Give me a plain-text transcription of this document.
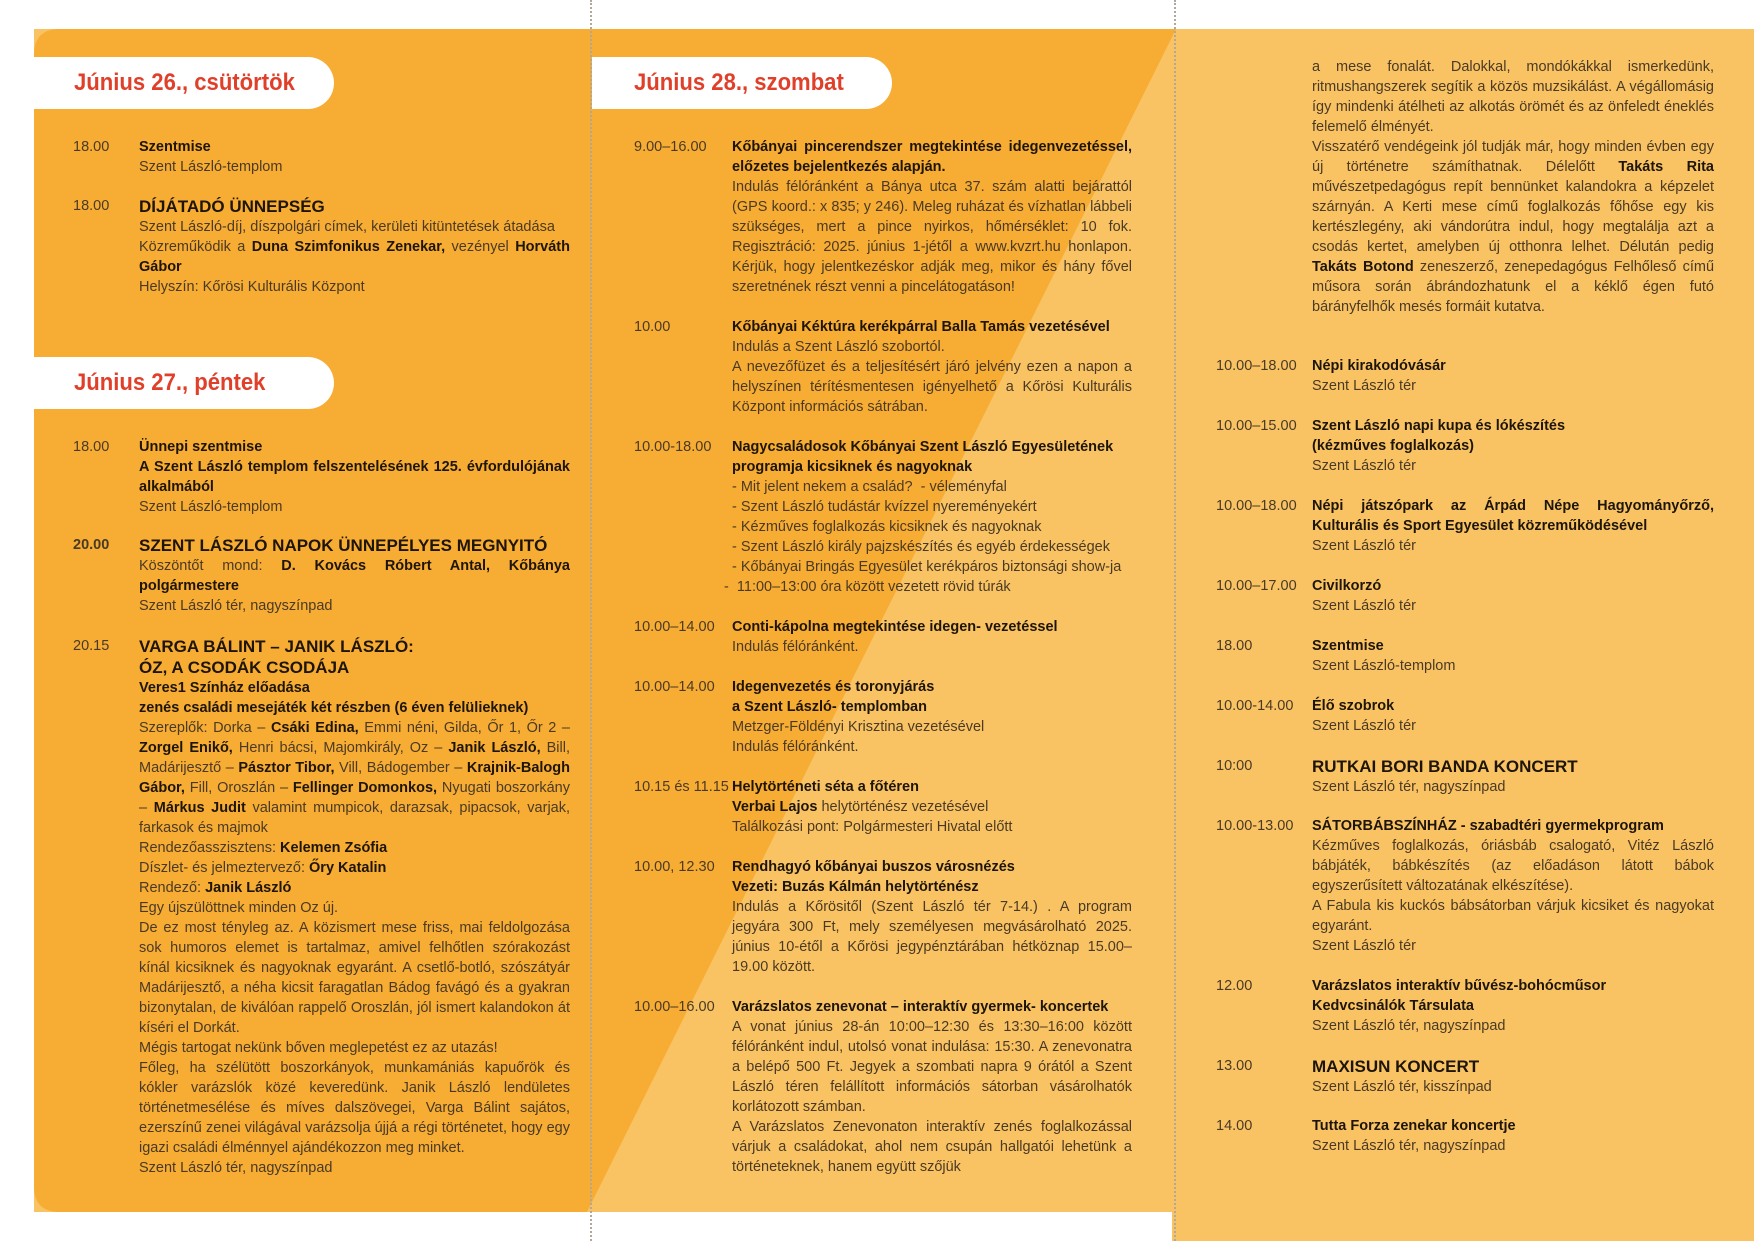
Június 26., csütörtök
18.00	Szentmise
Szent László-templom
18.00	DÍJÁTADÓ ÜNNEPSÉG
Szent László-díj, díszpolgári címek, kerületi kitüntetések átadása
Közreműködik a Duna Szimfonikus Zenekar, vezényel Horváth Gábor
Helyszín: Kőrösi Kulturális Központ
Június 27., péntek
18.00	Ünnepi szentmise
A Szent László templom felszentelésének 125. évfordulójának alkalmából
Szent László-templom
20.00	SZENT LÁSZLÓ NAPOK ÜNNEPÉLYES MEGNYITÓ
Köszöntőt mond: D. Kovács Róbert Antal, Kőbánya polgármestere
Szent László tér, nagyszínpad
20.15	VARGA BÁLINT – JANIK LÁSZLÓ:
ÓZ, A CSODÁK CSODÁJA
Veres1 Színház előadása
zenés családi mesejáték két részben (6 éven felülieknek)
Szereplők: Dorka – Csáki Edina, Emmi néni, Gilda, Őr 1, Őr 2 – Zorgel Enikő, Henri bácsi, Majomkirály, Oz – Janik László, Bill, Madárijesztő – Pásztor Tibor, Vill, Bádogember – Krajnik-Balogh Gábor, Fill, Oroszlán – Fellinger Domonkos, Nyugati boszorkány – Márkus Judit valamint mumpicok, darazsak, pipacsok, varjak, farkasok és majmok
Rendezőasszisztens: Kelemen Zsófia
Díszlet- és jelmeztervező: Őry Katalin
Rendező: Janik László
Egy újszülöttnek minden Oz új.
De ez most tényleg az. A közismert mese friss, mai feldolgozása sok humoros elemet is tartalmaz, amivel felhőtlen szórakozást kínál kicsiknek és nagyoknak egyaránt. A csetlő-botló, szószátyár Madárijesztő, a néha kicsit faragatlan Bádog favágó és a gyakran bizonytalan, de kiválóan rappelő Oroszlán, jól ismert kalandokon át kíséri el Dorkát.
Mégis tartogat nekünk bőven meglepetést ez az utazás!
Főleg, ha szélütött boszorkányok, munkamániás kapuőrök és kókler varázslók közé keveredünk. Janik László lendületes történetmesélése és míves dalszövegei, Varga Bálint sajátos, ezerszínű zenei világával varázsolja újjá a régi történetet, hogy egy igazi családi élménnyel ajándékozzon meg minket.
Szent László tér, nagyszínpad
Június 28., szombat
9.00–16.00	Kőbányai pincerendszer megtekintése idegenvezetéssel, előzetes bejelentkezés alapján.
Indulás félóránként a Bánya utca 37. szám alatti bejárattól (GPS koord.: x 835; y 246). Meleg ruházat és vízhatlan lábbeli szükséges, mert a pince nyirkos, hőmérséklet: 10 fok. Regisztráció: 2025. június 1-jétől a www.kvzrt.hu honlapon. Kérjük, hogy jelentkezéskor adják meg, mikor és hány fővel szeretnének részt venni a pincelátogatáson!
10.00	Kőbányai Kéktúra kerékpárral Balla Tamás vezetésével
Indulás a Szent László szobortól.
A nevezőfüzet és a teljesítésért járó jelvény ezen a napon a helyszínen térítésmentesen igényelhető a Kőrösi Kulturális Központ információs sátrában.
10.00-18.00	Nagycsaládosok Kőbányai Szent László Egyesületének programja kicsiknek és nagyoknak
- Mit jelent nekem a család?  - véleményfal
- Szent László tudástár kvízzel nyereményekért
- Kézműves foglalkozás kicsiknek és nagyoknak
- Szent László király pajzskészítés és egyéb érdekességek
- Kőbányai Bringás Egyesület kerékpáros biztonsági show-ja
-  11:00–13:00 óra között vezetett rövid túrák
10.00–14.00	Conti-kápolna megtekintése idegen- vezetéssel
Indulás félóránként.
10.00–14.00	Idegenvezetés és toronyjárás
a Szent László- templomban
Metzger-Földényi Krisztina vezetésével
Indulás félóránként.
10.15 és 11.15 Helytörténeti séta a főtéren
Verbai Lajos helytörténész vezetésével
Találkozási pont: Polgármesteri Hivatal előtt
10.00, 12.30	Rendhagyó kőbányai buszos városnézés
Vezeti: Buzás Kálmán helytörténész
Indulás a Kőrösitől (Szent László tér 7-14.) . A program jegyára 300 Ft, mely személyesen megvásárolható 2025. június 10-étől a Kőrösi jegypénztárában hétköznap 15.00–19.00 között.
10.00–16.00	Varázslatos zenevonat – interaktív gyermek- koncertek
A vonat június 28-án 10:00–12:30 és 13:30–16:00 között félóránként indul, utolsó vonat indulása: 15:30. A zenevonatra a belépő 500 Ft. Jegyek a szombati napra 9 órától a Szent László téren felállított információs sátorban vásárolhatók korlátozott számban.
A Varázslatos Zenevonaton interaktív zenés foglalkozással várjuk a családokat, ahol nem csupán hallgatói lehetünk a történeteknek, hanem együtt szőjük
a mese fonalát. Dalokkal, mondókákkal ismerkedünk, ritmushangszerek segítik a közös muzsikálást. A végállomásig így mindenki átélheti az alkotás örömét és az önfeledt éneklés felemelő élményét.
Visszatérő vendégeink jól tudják már, hogy minden évben egy új történetre számíthatnak. Délelőtt Takáts Rita művészetpedagógus repít bennünket kalandokra a képzelet szárnyán. A Kerti mese című foglalkozás főhőse egy kis kertészlegény, aki vándorútra indul, hogy megtalálja azt a csodás kertet, amelyben új otthonra lelhet. Délután pedig Takáts Botond zeneszerző, zenepedagógus Felhőleső című műsora során ábrándozhatunk el a kéklő égen futó bárányfelhők mesés formáit kutatva.
10.00–18.00	Népi kirakodóvásár
Szent László tér
10.00–15.00	Szent László napi kupa és lókészítés (kézműves foglalkozás)
Szent László tér
10.00–18.00	Népi játszópark az Árpád Népe Hagyományőrző, Kulturális és Sport Egyesület közreműködésével
Szent László tér
10.00–17.00	Civilkorzó
Szent László tér
18.00	Szentmise
Szent László-templom
10.00-14.00	Élő szobrok
Szent László tér
10:00	RUTKAI BORI BANDA KONCERT
Szent László tér, nagyszínpad
10.00-13.00	SÁTORBÁBSZÍNHÁZ - szabadtéri gyermekprogram
Kézműves foglalkozás, óriásbáb csalogató, Vitéz László bábjáték, bábkészítés (az előadáson látott bábok egyszerűsített változatának elkészítése).
A Fabula kis kuckós bábsátorban várjuk kicsiket és nagyokat egyaránt.
Szent László tér
12.00	Varázslatos interaktív bűvész-bohócműsor
Kedvcsinálók Társulata
Szent László tér, nagyszínpad
13.00	MAXISUN KONCERT
Szent László tér, kisszínpad
14.00	Tutta Forza zenekar koncertje
Szent László tér, nagyszínpad
